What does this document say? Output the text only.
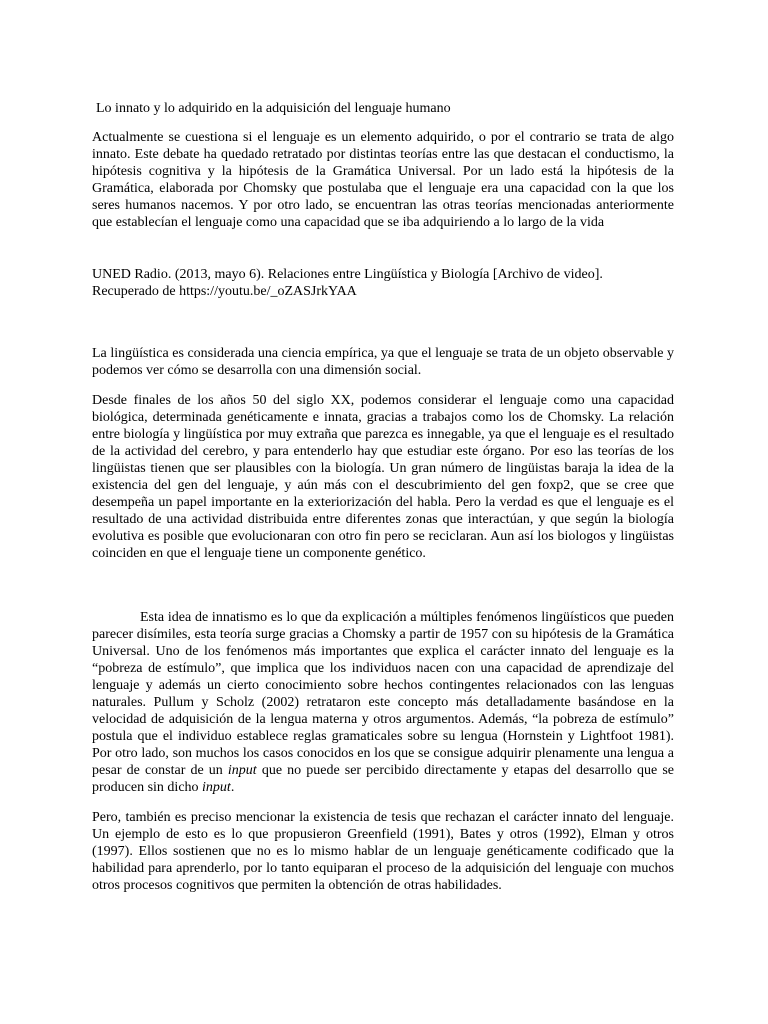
Lo innato y lo adquirido en la adquisición del lenguaje humano

Actualmente se cuestiona si el lenguaje es un elemento adquirido, o por el contrario se trata de algo innato. Este debate ha quedado retratado por distintas teorías entre las que destacan el conductismo, la hipótesis cognitiva y la hipótesis de la Gramática Universal. Por un lado está la hipótesis de la Gramática, elaborada por Chomsky que postulaba que el lenguaje era una capacidad con la que los seres humanos nacemos. Y por otro lado, se encuentran las otras teorías mencionadas anteriormente que establecían el lenguaje como una capacidad que se iba adquiriendo a lo largo de la vida

UNED Radio. (2013, mayo 6). Relaciones entre Lingüística y Biología [Archivo de video].
Recuperado de https://youtu.be/_oZASJrkYAA

La lingüística es considerada una ciencia empírica, ya que el lenguaje se trata de un objeto observable y podemos ver cómo se desarrolla con una dimensión social.

Desde finales de los años 50 del siglo XX, podemos considerar el lenguaje como una capacidad biológica, determinada genéticamente e innata, gracias a trabajos como los de Chomsky. La relación entre biología y lingüística por muy extraña que parezca es innegable, ya que el lenguaje es el resultado de la actividad del cerebro, y para entenderlo hay que estudiar este órgano. Por eso las teorías de los lingüistas tienen que ser plausibles con la biología. Un gran número de lingüistas baraja la idea de la existencia del gen del lenguaje, y aún más con el descubrimiento del gen foxp2, que se cree que desempeña un papel importante en la exteriorización del habla. Pero la verdad es que el lenguaje es el resultado de una actividad distribuida entre diferentes zonas que interactúan, y que según la biología evolutiva es posible que evolucionaran con otro fin pero se reciclaran. Aun así los biologos y lingüistas coinciden en que el lenguaje tiene un componente genético.

Esta idea de innatismo es lo que da explicación a múltiples fenómenos lingüísticos que pueden parecer disímiles, esta teoría surge gracias a Chomsky a partir de 1957 con su hipótesis de la Gramática Universal. Uno de los fenómenos más importantes que explica el carácter innato del lenguaje es la “pobreza de estímulo”, que implica que los individuos nacen con una capacidad de aprendizaje del lenguaje y además un cierto conocimiento sobre hechos contingentes relacionados con las lenguas naturales. Pullum y Scholz (2002) retrataron este concepto más detalladamente basándose en la velocidad de adquisición de la lengua materna y otros argumentos. Además, “la pobreza de estímulo” postula que el individuo establece reglas gramaticales sobre su lengua (Hornstein y Lightfoot 1981). Por otro lado, son muchos los casos conocidos en los que se consigue adquirir plenamente una lengua a pesar de constar de un input que no puede ser percibido directamente y etapas del desarrollo que se producen sin dicho input.

Pero, también es preciso mencionar la existencia de tesis que rechazan el carácter innato del lenguaje. Un ejemplo de esto es lo que propusieron Greenfield (1991), Bates y otros (1992), Elman y otros (1997). Ellos sostienen que no es lo mismo hablar de un lenguaje genéticamente codificado que la habilidad para aprenderlo, por lo tanto equiparan el proceso de la adquisición del lenguaje con muchos otros procesos cognitivos que permiten la obtención de otras habilidades.
